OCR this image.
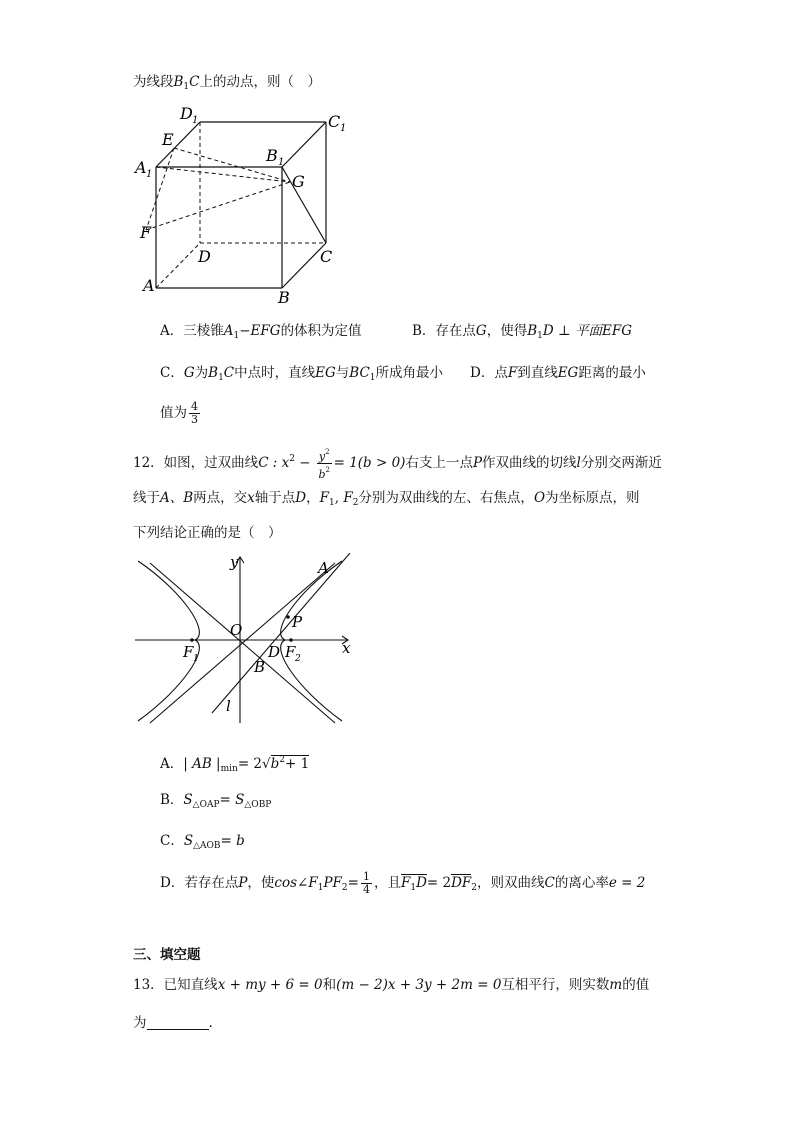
为线段$B_1C$上的动点，则（　）
D 1	C 1
E
B 1
A 1	G
F
D	C
A
B
A．三棱锥$A_1-EFG$的体积为定值	B．存在点G，使得$B_1D$ ⊥ 平面EFG
C．G为$B_1C$中点时，直线EG与$BC_1$所成角最小 D．点F到直线EG距离的最小
值为 $\frac{4}{3}$
12．如图，过双曲线C : $x^2 - \frac{y^2}{b^2} = 1(b > 0)$右支上一点P作双曲线的切线l分别交两渐近
线于A、B两点，交x轴于点D，$F_1$, $F_2$分别为双曲线的左、右焦点，O为坐标原点，则
下列结论正确的是（　）
y	A
P
O
x
F 1	D F 2
B
l
A．| AB $|_{min}= 2√b^2+ 1$
B．$S_{\triangle OAP}= S_{\triangle OBP}$
C．$S_{\triangle AOB}= b$
D．若存在点P，使$\cos\angle F_1PF_2= \frac{1}{4}$ ，且$F_1D= 2DF_2$，则双曲线C的离心率e = 2
三、填空题
13．已知直线x + my + 6 = 0和(m − 2)x + 3y + 2m = 0互相平行，则实数m的值
为	.
